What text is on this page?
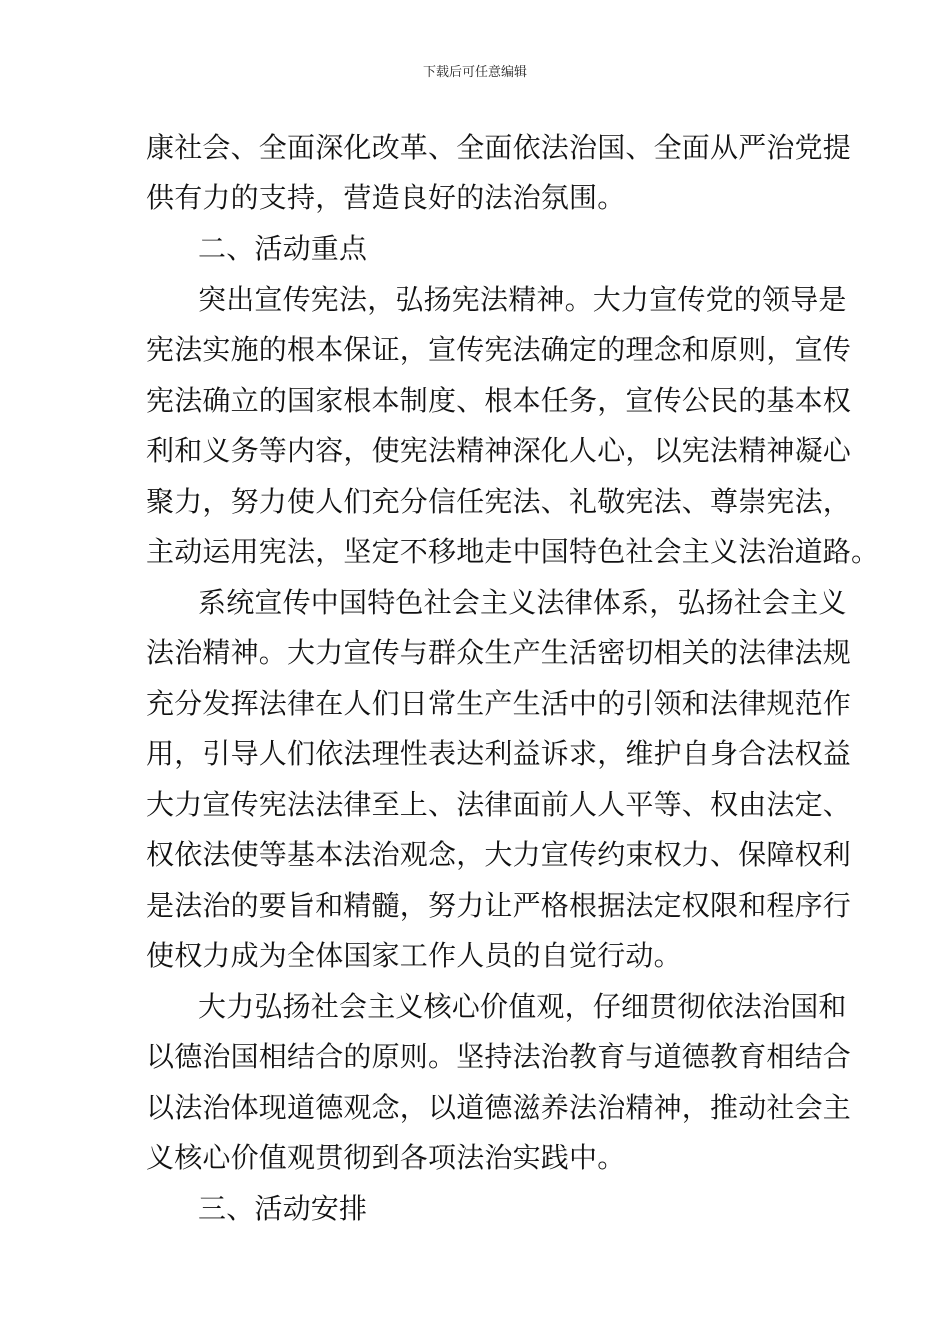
下载后可任意编辑
康社会、全面深化改革、全面依法治国、全面从严治党提
供有力的支持，营造良好的法治氛围。
二、活动重点
突出宣传宪法，弘扬宪法精神。大力宣传党的领导是
宪法实施的根本保证，宣传宪法确定的理念和原则，宣传
宪法确立的国家根本制度、根本任务，宣传公民的基本权
利和义务等内容，使宪法精神深化人心，以宪法精神凝心
聚力，努力使人们充分信任宪法、礼敬宪法、尊崇宪法，
主动运用宪法，坚定不移地走中国特色社会主义法治道路。
系统宣传中国特色社会主义法律体系，弘扬社会主义
法治精神。大力宣传与群众生产生活密切相关的法律法规
充分发挥法律在人们日常生产生活中的引领和法律规范作
用，引导人们依法理性表达利益诉求，维护自身合法权益
大力宣传宪法法律至上、法律面前人人平等、权由法定、
权依法使等基本法治观念，大力宣传约束权力、保障权利
是法治的要旨和精髓，努力让严格根据法定权限和程序行
使权力成为全体国家工作人员的自觉行动。
大力弘扬社会主义核心价值观，仔细贯彻依法治国和
以德治国相结合的原则。坚持法治教育与道德教育相结合
以法治体现道德观念，以道德滋养法治精神，推动社会主
义核心价值观贯彻到各项法治实践中。
三、活动安排
